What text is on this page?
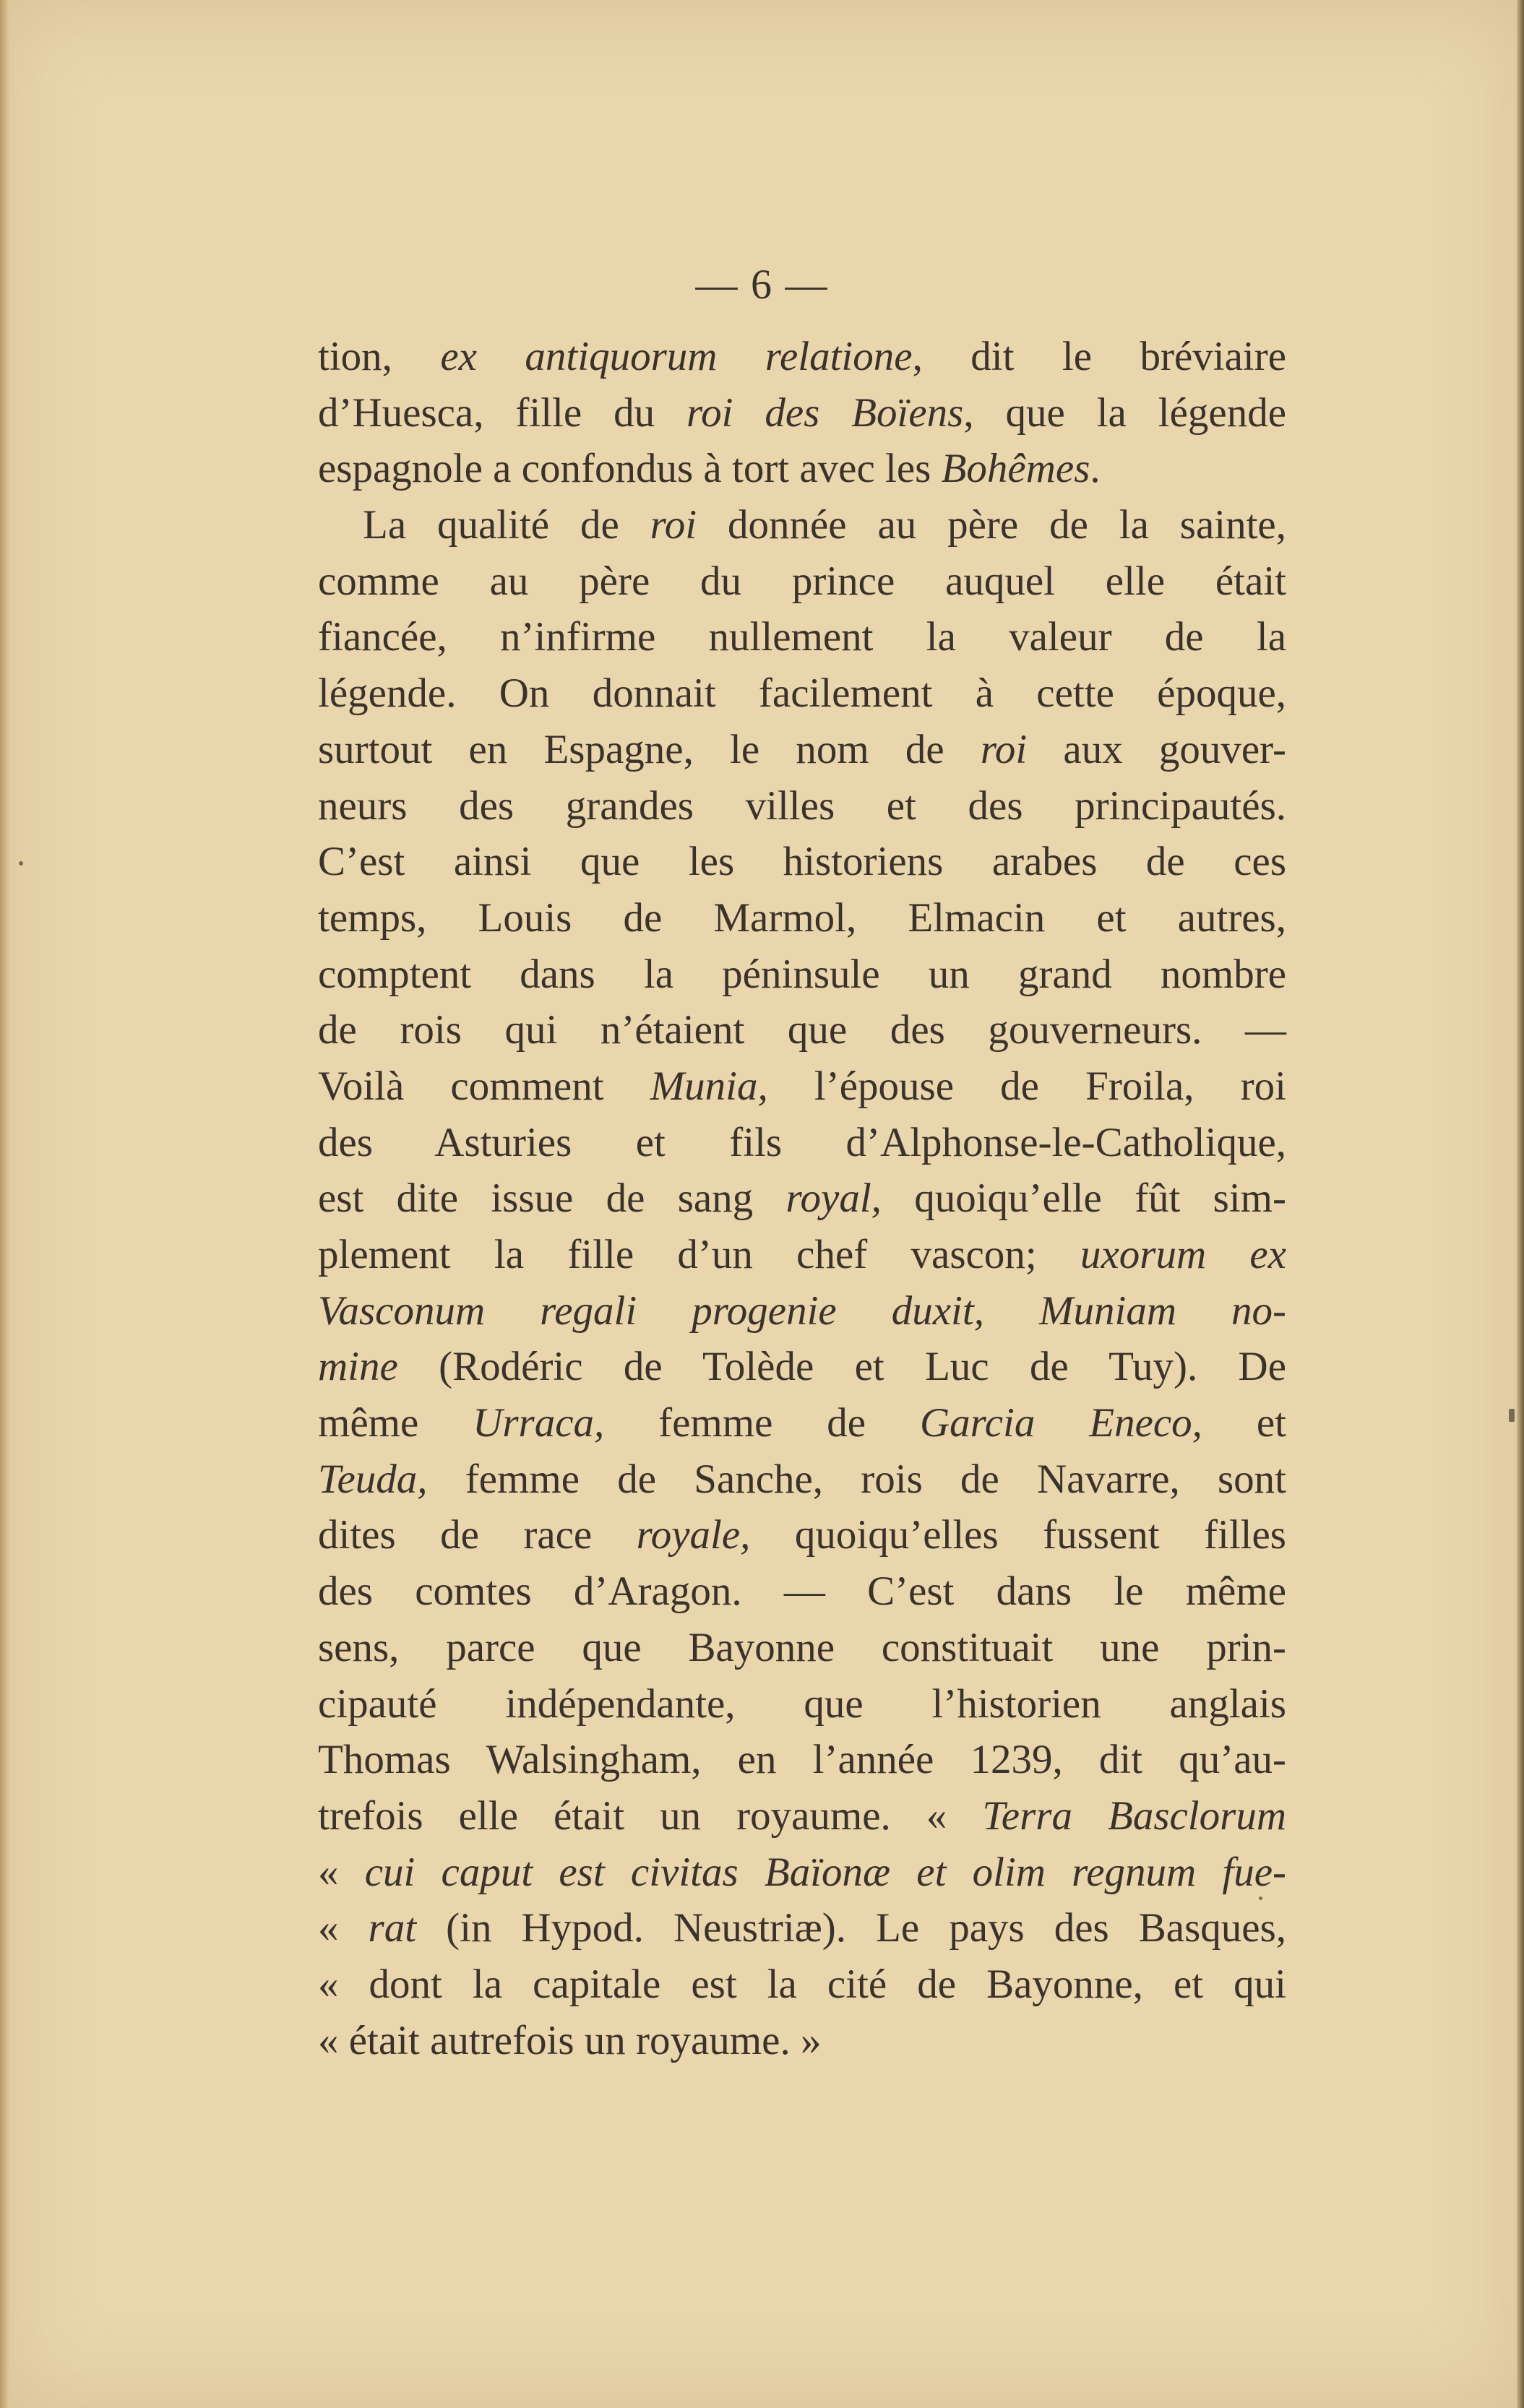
— 6 —
tion, ex antiquorum relatione, dit le bréviaire
d’Huesca, fille du roi des Boïens, que la légende
espagnole a confondus à tort avec les Bohêmes.
La qualité de roi donnée au père de la sainte,
comme au père du prince auquel elle était
fiancée, n’infirme nullement la valeur de la
légende. On donnait facilement à cette époque,
surtout en Espagne, le nom de roi aux gouver-
neurs des grandes villes et des principautés.
C’est ainsi que les historiens arabes de ces
temps, Louis de Marmol, Elmacin et autres,
comptent dans la péninsule un grand nombre
de rois qui n’étaient que des gouverneurs. —
Voilà comment Munia, l’épouse de Froila, roi
des Asturies et fils d’Alphonse-le-Catholique,
est dite issue de sang royal, quoiqu’elle fût sim-
plement la fille d’un chef vascon; uxorum ex
Vasconum regali progenie duxit, Muniam no-
mine (Rodéric de Tolède et Luc de Tuy). De
même Urraca, femme de Garcia Eneco, et
Teuda, femme de Sanche, rois de Navarre, sont
dites de race royale, quoiqu’elles fussent filles
des comtes d’Aragon. — C’est dans le même
sens, parce que Bayonne constituait une prin-
cipauté indépendante, que l’historien anglais
Thomas Walsingham, en l’année 1239, dit qu’au-
trefois elle était un royaume. « Terra Basclorum
« cui caput est civitas Baïonæ et olim regnum fue-
« rat (in Hypod. Neustriæ). Le pays des Basques,
« dont la capitale est la cité de Bayonne, et qui
« était autrefois un royaume. »
